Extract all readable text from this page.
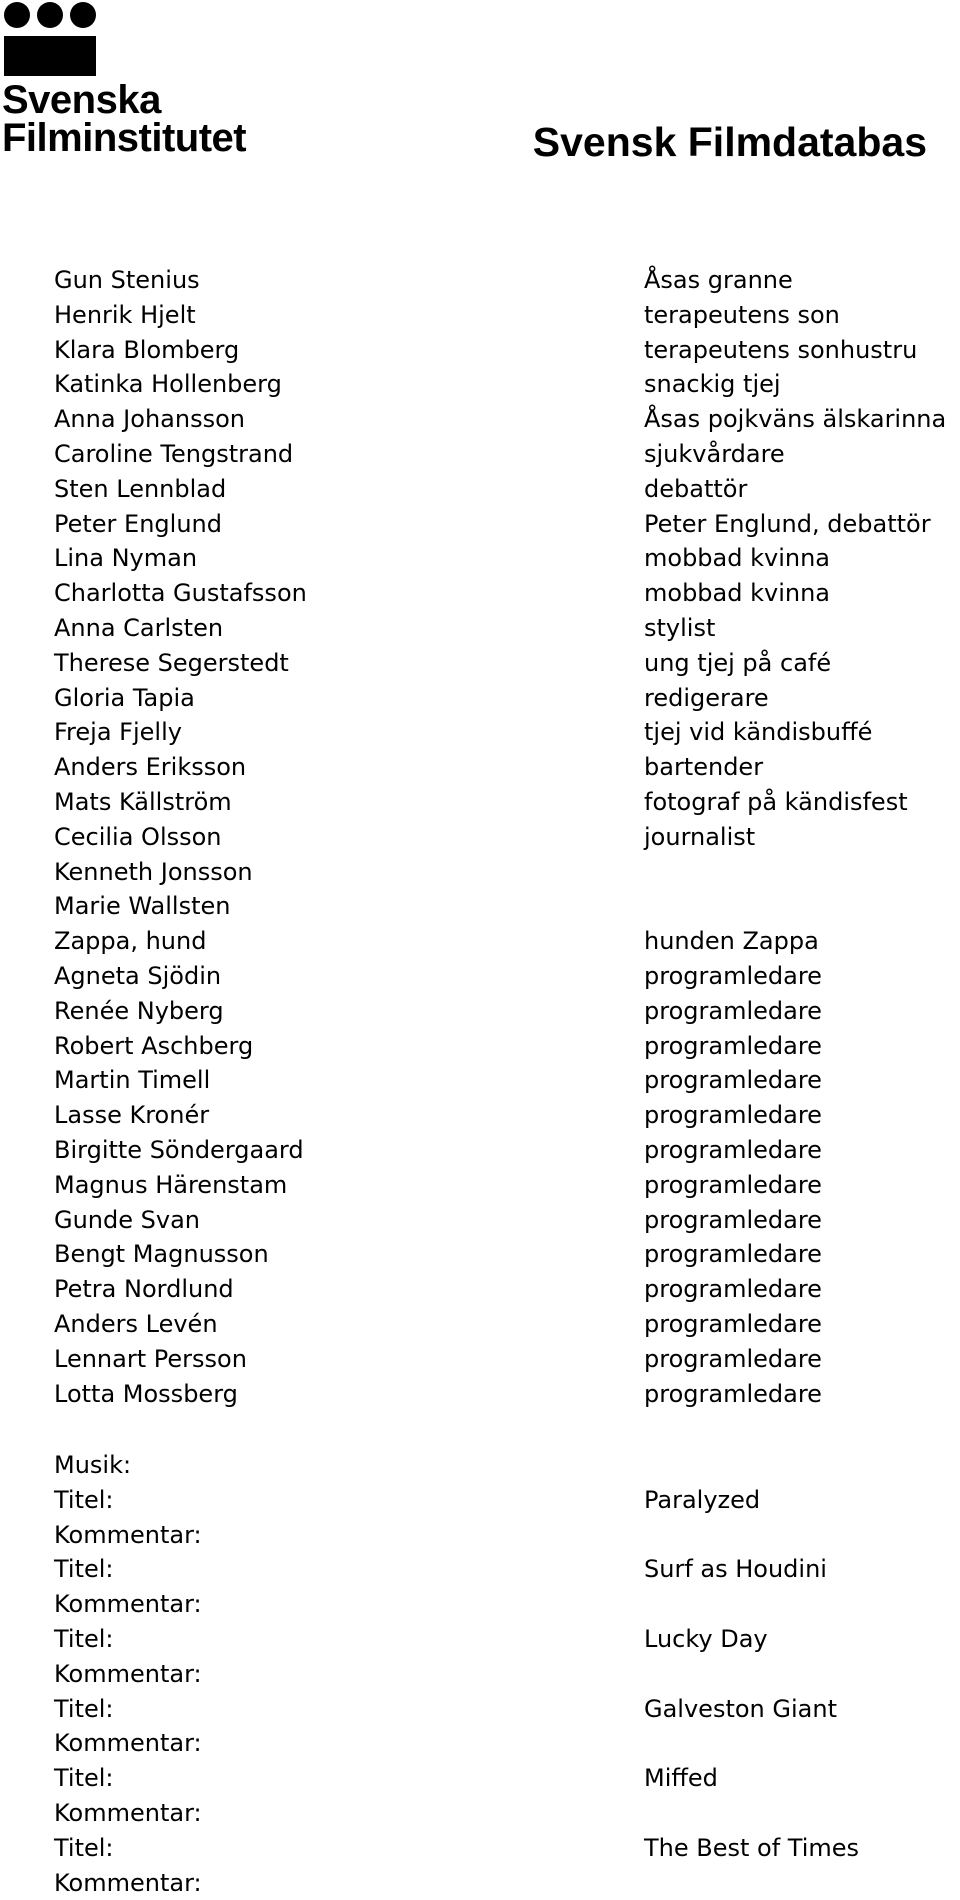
Svenska
Filminstitutet	Svensk Filmdatabas
Gun Stenius
Henrik Hjelt
Klara Blomberg
Katinka Hollenberg
Anna Johansson
Caroline Tengstrand
Sten Lennblad
Peter Englund
Lina Nyman
Charlotta Gustafsson
Anna Carlsten
Therese Segerstedt
Gloria Tapia
Freja Fjelly
Anders Eriksson
Mats Källström
Cecilia Olsson
Kenneth Jonsson
Marie Wallsten
Zappa, hund
Agneta Sjödin
Renée Nyberg
Robert Aschberg
Martin Timell
Lasse Kronér
Birgitte Söndergaard
Magnus Härenstam
Gunde Svan
Bengt Magnusson
Petra Nordlund
Anders Levén
Lennart Persson
Lotta Mossberg
Åsas granne
terapeutens son
terapeutens sonhustru
snackig tjej
Åsas pojkväns älskarinna
sjukvårdare
debattör
Peter Englund, debattör
mobbad kvinna
mobbad kvinna
stylist
ung tjej på café
redigerare
tjej vid kändisbuffé
bartender
fotograf på kändisfest
journalist
hunden Zappa
programledare
programledare
programledare
programledare
programledare
programledare
programledare
programledare
programledare
programledare
programledare
programledare
programledare
Musik:
Titel:
Kommentar:
Paralyzed
Titel:
Kommentar:
Surf as Houdini
Titel:
Kommentar:
Lucky Day
Titel:
Kommentar:
Galveston Giant
Titel:
Kommentar:
Miffed
Titel:
Kommentar:
The Best of Times
